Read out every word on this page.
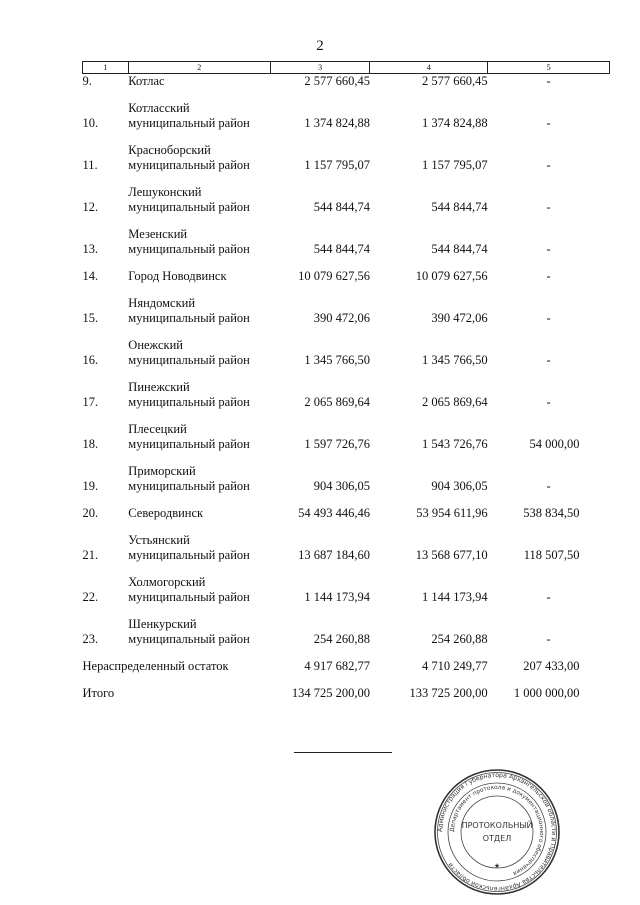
2
1	2	3	4	5
9.	Котлас	2 577 660,45	2 577 660,45	-

10.	Котласский
муниципальный район	1 374 824,88	1 374 824,88	-

11.	Красноборский
муниципальный район	1 157 795,07	1 157 795,07	-

12.	Лешуконский
муниципальный район	544 844,74	544 844,74	-

13.	Мезенский
муниципальный район	544 844,74	544 844,74	-

14.	Город Новодвинск	10 079 627,56	10 079 627,56	-

15.	Няндомский
муниципальный район	390 472,06	390 472,06	-

16.	Онежский
муниципальный район	1 345 766,50	1 345 766,50	-

17.	Пинежский
муниципальный район	2 065 869,64	2 065 869,64	-

18.	Плесецкий
муниципальный район	1 597 726,76	1 543 726,76	54 000,00

19.	Приморский
муниципальный район	904 306,05	904 306,05	-

20.	Северодвинск	54 493 446,46	53 954 611,96	538 834,50

21.	Устьянский
муниципальный район	13 687 184,60	13 568 677,10	118 507,50

22.	Холмогорский
муниципальный район	1 144 173,94	1 144 173,94	-

23.	Шенкурский
муниципальный район	254 260,88	254 260,88	-

Нераспределенный остаток		4 917 682,77	4 710 249,77	207 433,00

Итого		134 725 200,00	133 725 200,00	1 000 000,00
Администрация Губернатора Архангельской области и Правительства Архангельской области
Департамент протокола и документационного обеспечения
ПРОТОКОЛЬНЫЙ
ОТДЕЛ
★
